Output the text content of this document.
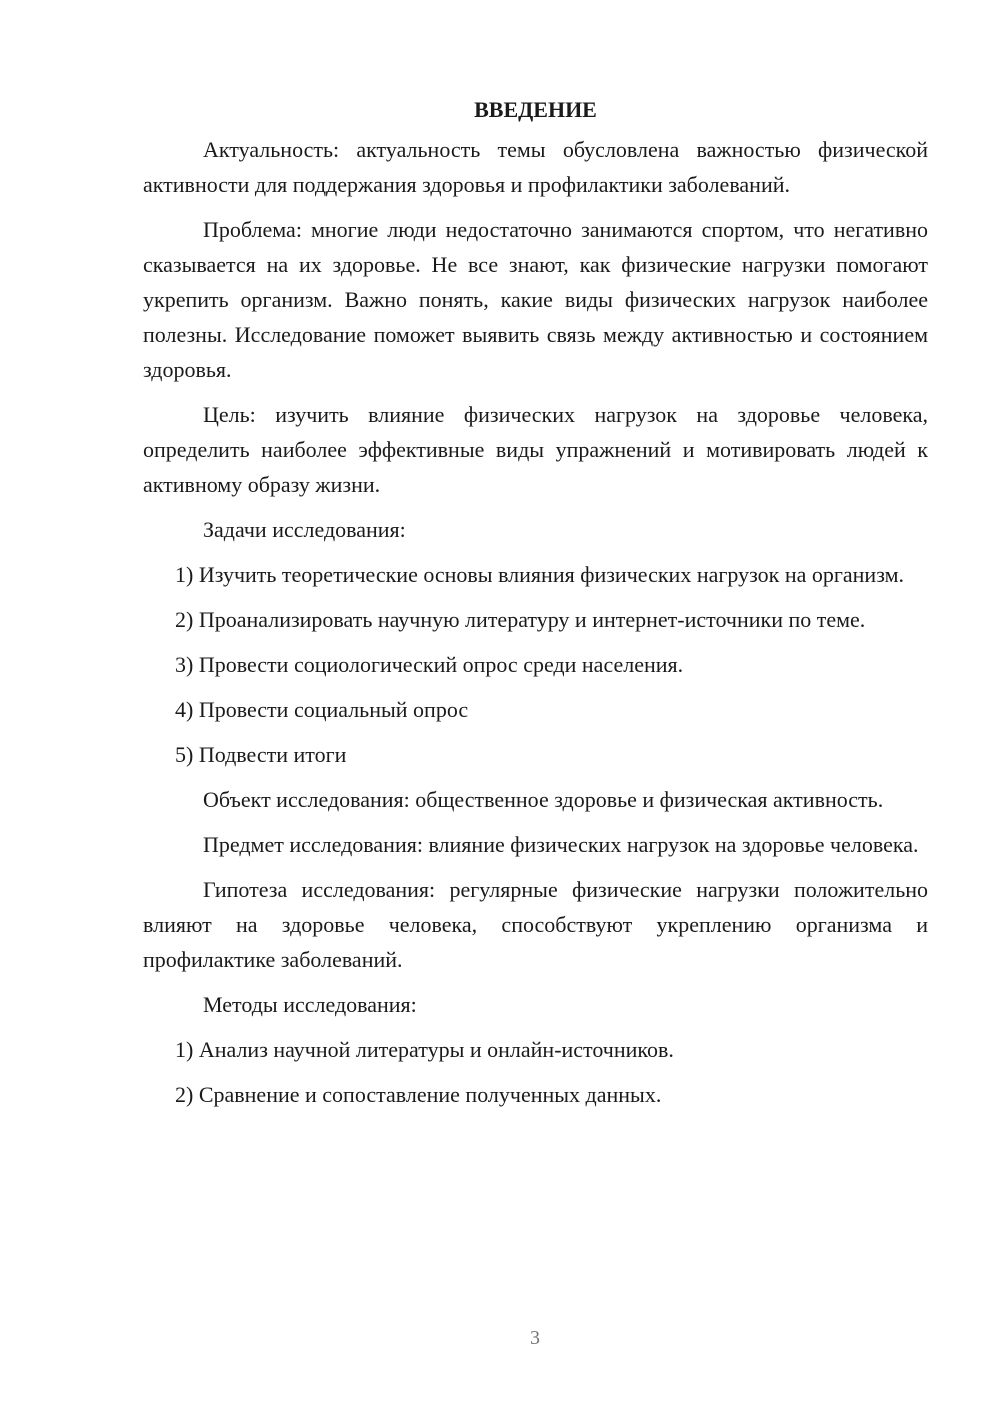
ВВЕДЕНИЕ

Актуальность: актуальность темы обусловлена важностью физической активности для поддержания здоровья и профилактики заболеваний.

Проблема: многие люди недостаточно занимаются спортом, что негативно сказывается на их здоровье. Не все знают, как физические нагрузки помогают укрепить организм. Важно понять, какие виды физических нагрузок наиболее полезны. Исследование поможет выявить связь между активностью и состоянием здоровья.

Цель: изучить влияние физических нагрузок на здоровье человека, определить наиболее эффективные виды упражнений и мотивировать людей к активному образу жизни.

Задачи исследования:

1) Изучить теоретические основы влияния физических нагрузок на организм.

2) Проанализировать научную литературу и интернет-источники по теме.

3) Провести социологический опрос среди населения.

4) Провести социальный опрос

5) Подвести итоги

Объект исследования: общественное здоровье и физическая активность.

Предмет исследования: влияние физических нагрузок на здоровье человека.

Гипотеза исследования: регулярные физические нагрузки положительно влияют на здоровье человека, способствуют укреплению организма и профилактике заболеваний.

Методы исследования:

1) Анализ научной литературы и онлайн-источников.

2) Сравнение и сопоставление полученных данных.

3
